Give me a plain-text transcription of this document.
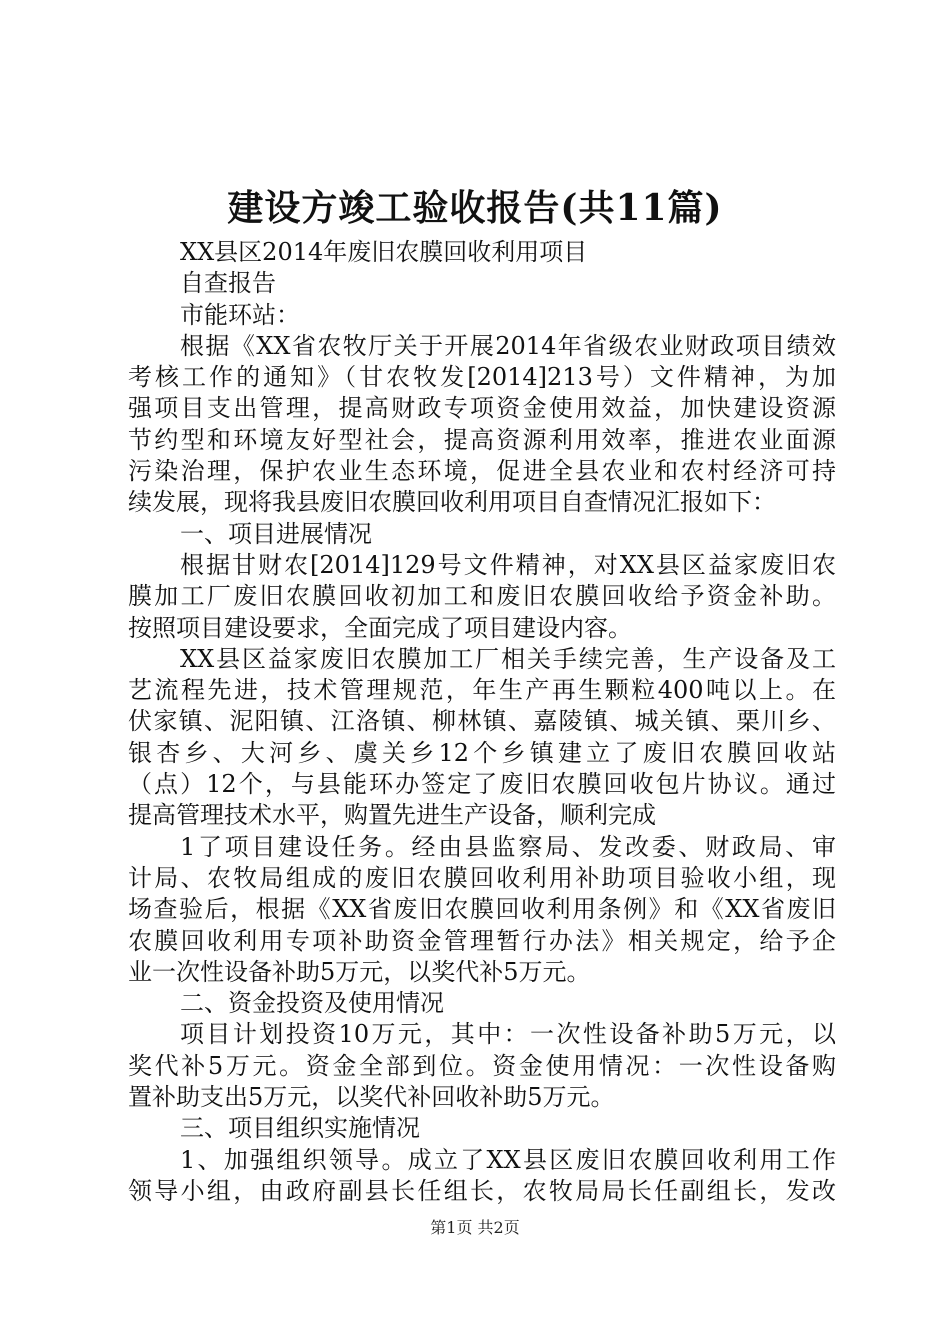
建设方竣工验收报告(共11篇)
XX县区2014年废旧农膜回收利用项目
自查报告
市能环站：
根据《XX省农牧厅关于开展2014年省级农业财政项目绩效
考核工作的通知》（甘农牧发[2014]213号）文件精神，为加
强项目支出管理，提高财政专项资金使用效益，加快建设资源
节约型和环境友好型社会，提高资源利用效率，推进农业面源
污染治理，保护农业生态环境，促进全县农业和农村经济可持
续发展，现将我县废旧农膜回收利用项目自查情况汇报如下：
一、项目进展情况
根据甘财农[2014]129号文件精神，对XX县区益家废旧农
膜加工厂废旧农膜回收初加工和废旧农膜回收给予资金补助。
按照项目建设要求，全面完成了项目建设内容。
XX县区益家废旧农膜加工厂相关手续完善，生产设备及工
艺流程先进，技术管理规范，年生产再生颗粒400吨以上。在
伏家镇、泥阳镇、江洛镇、柳林镇、嘉陵镇、城关镇、栗川乡、
银杏乡、大河乡、虞关乡12个乡镇建立了废旧农膜回收站
（点）12个，与县能环办签定了废旧农膜回收包片协议。通过
提高管理技术水平，购置先进生产设备，顺利完成
1了项目建设任务。经由县监察局、发改委、财政局、审
计局、农牧局组成的废旧农膜回收利用补助项目验收小组，现
场查验后，根据《XX省废旧农膜回收利用条例》和《XX省废旧
农膜回收利用专项补助资金管理暂行办法》相关规定，给予企
业一次性设备补助5万元，以奖代补5万元。
二、资金投资及使用情况
项目计划投资10万元，其中：一次性设备补助5万元，以
奖代补5万元。资金全部到位。资金使用情况：一次性设备购
置补助支出5万元，以奖代补回收补助5万元。
三、项目组织实施情况
1、加强组织领导。成立了XX县区废旧农膜回收利用工作
领导小组，由政府副县长任组长，农牧局局长任副组长，发改
第1页 共2页
